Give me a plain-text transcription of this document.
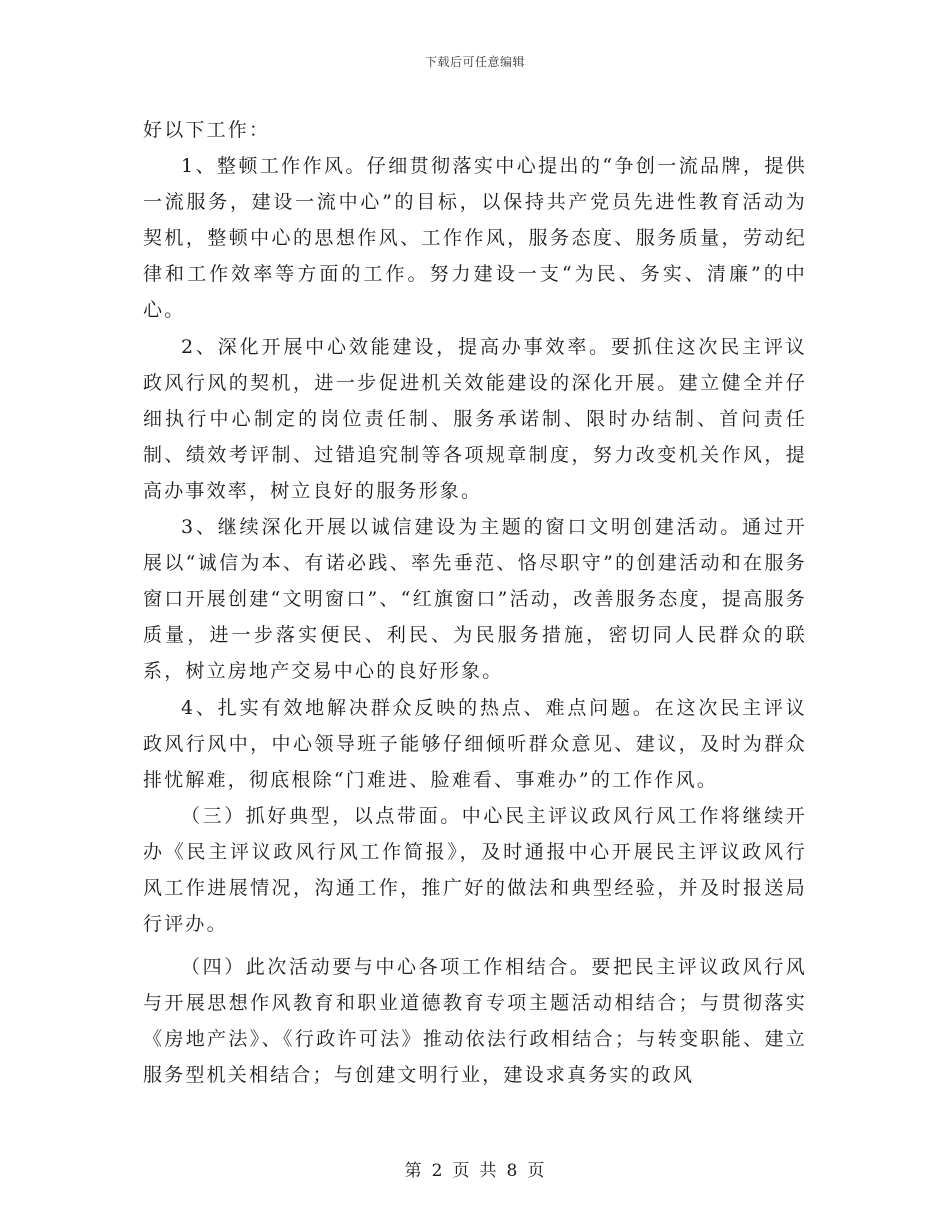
下载后可任意编辑

好以下工作：

1、整顿工作作风。仔细贯彻落实中心提出的“争创一流品牌，提供一流服务，建设一流中心”的目标，以保持共产党员先进性教育活动为契机，整顿中心的思想作风、工作作风，服务态度、服务质量，劳动纪律和工作效率等方面的工作。努力建设一支“为民、务实、清廉”的中心。

2、深化开展中心效能建设，提高办事效率。要抓住这次民主评议政风行风的契机，进一步促进机关效能建设的深化开展。建立健全并仔细执行中心制定的岗位责任制、服务承诺制、限时办结制、首问责任制、绩效考评制、过错追究制等各项规章制度，努力改变机关作风，提高办事效率，树立良好的服务形象。

3、继续深化开展以诚信建设为主题的窗口文明创建活动。通过开展以“诚信为本、有诺必践、率先垂范、恪尽职守”的创建活动和在服务窗口开展创建“文明窗口”、“红旗窗口”活动，改善服务态度，提高服务质量，进一步落实便民、利民、为民服务措施，密切同人民群众的联系，树立房地产交易中心的良好形象。

4、扎实有效地解决群众反映的热点、难点问题。在这次民主评议政风行风中，中心领导班子能够仔细倾听群众意见、建议，及时为群众排忧解难，彻底根除“门难进、脸难看、事难办”的工作作风。

（三）抓好典型，以点带面。中心民主评议政风行风工作将继续开办《民主评议政风行风工作简报》，及时通报中心开展民主评议政风行风工作进展情况，沟通工作，推广好的做法和典型经验，并及时报送局行评办。

（四）此次活动要与中心各项工作相结合。要把民主评议政风行风与开展思想作风教育和职业道德教育专项主题活动相结合；与贯彻落实《房地产法》、《行政许可法》推动依法行政相结合；与转变职能、建立服务型机关相结合；与创建文明行业，建设求真务实的政风

第 2 页 共 8 页
